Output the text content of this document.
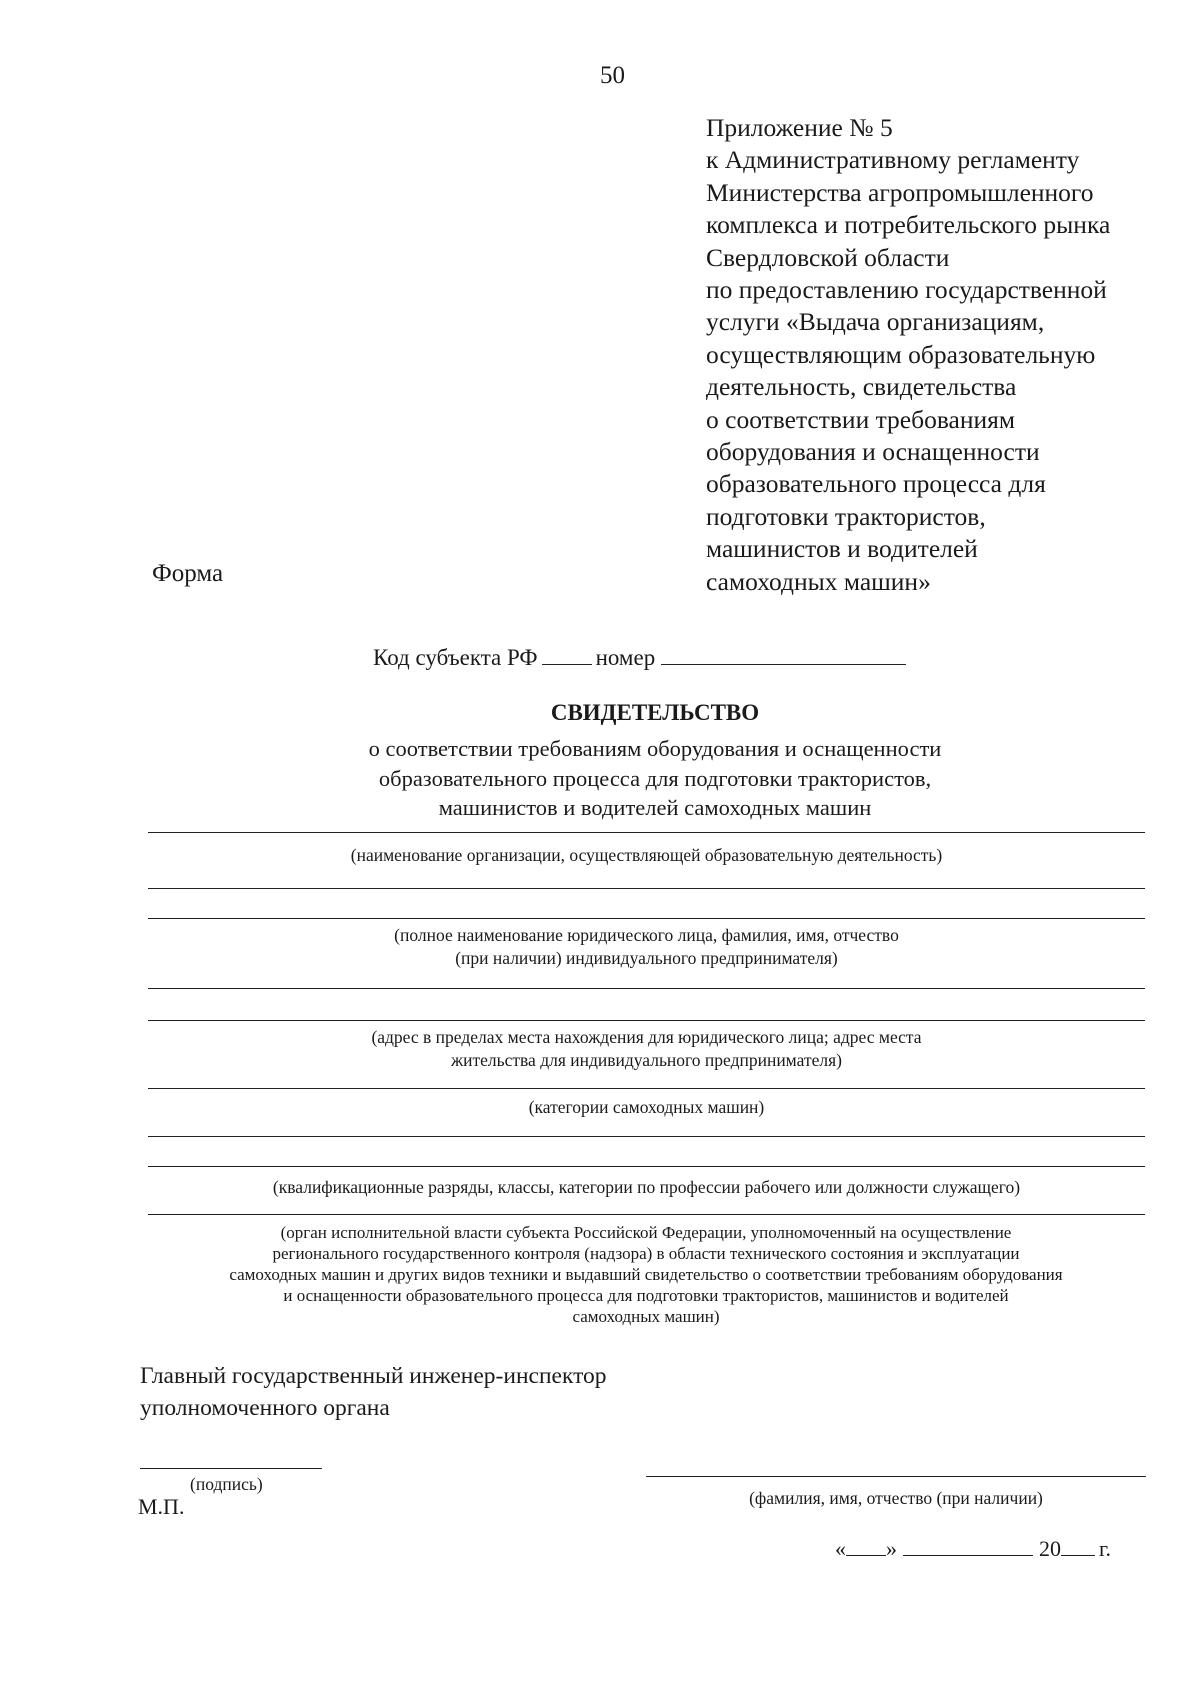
50
Приложение № 5
к Административному регламенту
Министерства агропромышленного
комплекса и потребительского рынка
Свердловской области
по предоставлению государственной
услуги «Выдача организациям,
осуществляющим образовательную
деятельность, свидетельства
о соответствии требованиям
оборудования и оснащенности
образовательного процесса для
подготовки трактористов,
машинистов и водителей
самоходных машин»
Форма
Код субъекта РФ	номер
СВИДЕТЕЛЬСТВО
о соответствии требованиям оборудования и оснащенности
образовательного процесса для подготовки трактористов,
машинистов и водителей самоходных машин
(наименование организации, осуществляющей образовательную деятельность)
(полное наименование юридического лица, фамилия, имя, отчество
(при наличии) индивидуального предпринимателя)
(адрес в пределах места нахождения для юридического лица; адрес места
жительства для индивидуального предпринимателя)
(категории самоходных машин)
(квалификационные разряды, классы, категории по профессии рабочего или должности служащего)
(орган исполнительной власти субъекта Российской Федерации, уполномоченный на осуществление
регионального государственного контроля (надзора) в области технического состояния и эксплуатации
самоходных машин и других видов техники и выдавший свидетельство о соответствии требованиям оборудования
и оснащенности образовательного процесса для подготовки трактористов, машинистов и водителей
самоходных машин)
Главный государственный инженер-инспектор
уполномоченного органа
(подпись)
М.П.	(фамилия, имя, отчество (при наличии)
« »	20 г.
